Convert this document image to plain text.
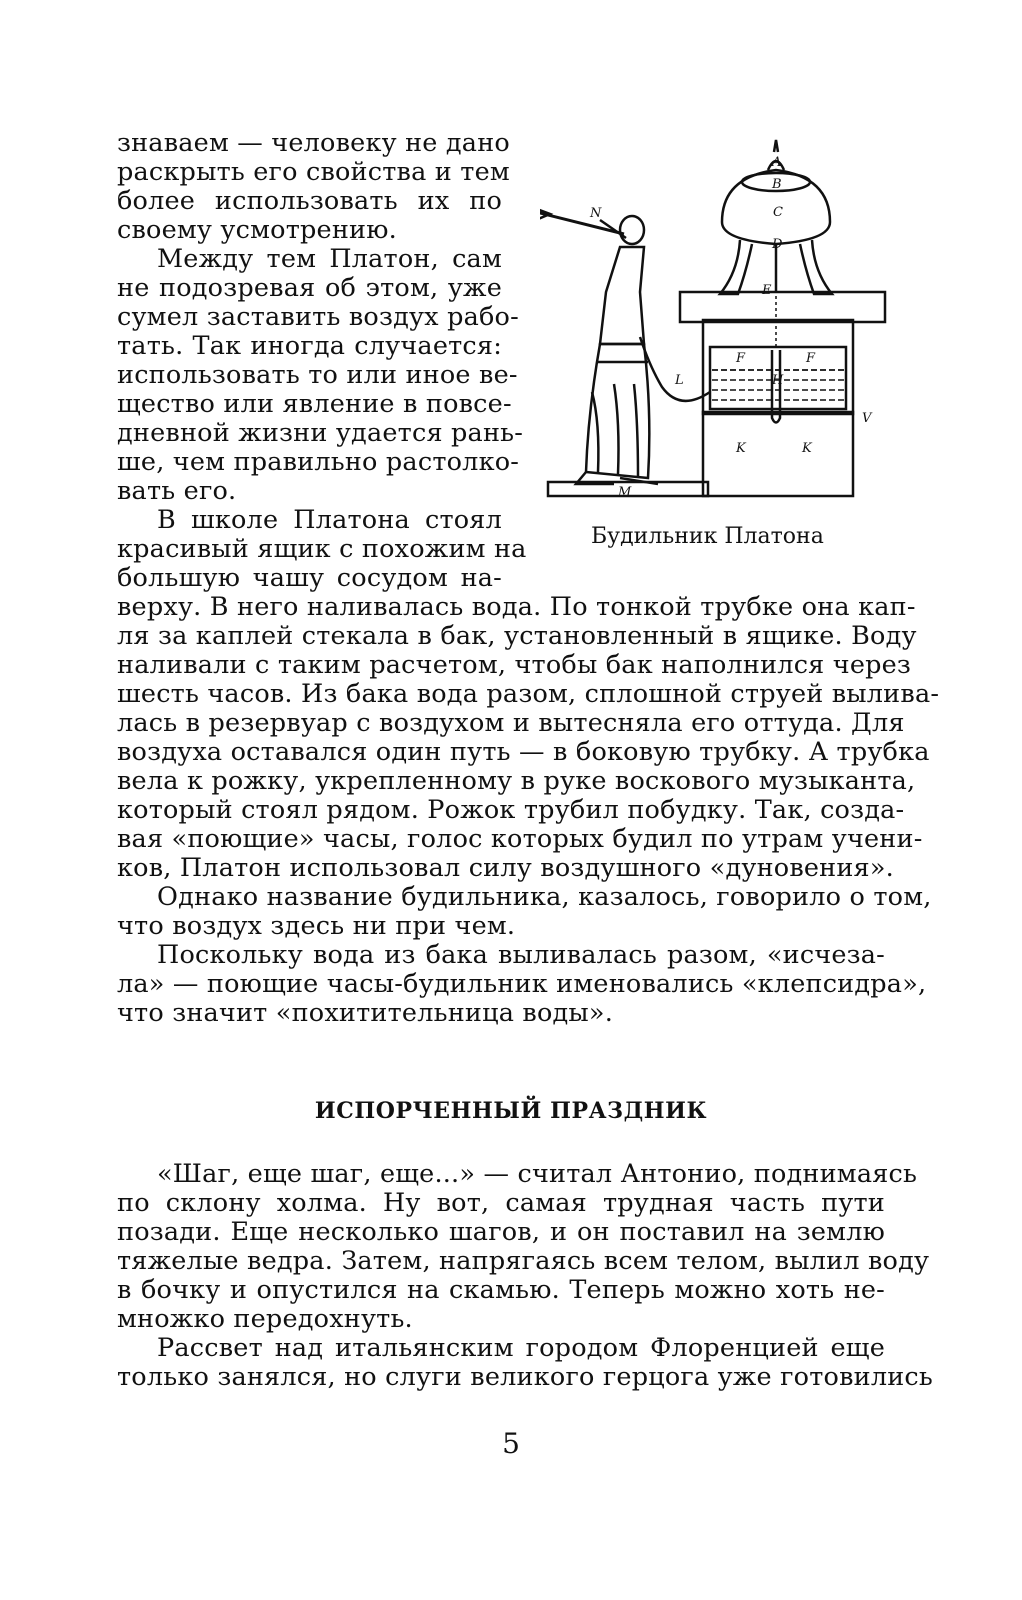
знаваем — человеку не дано
раскрыть его свойства и тем
более использовать их по
своему усмотрению.
Между тем Платон, сам
не подозревая об этом, уже
сумел заставить воздух рабо-
тать. Так иногда случается:
использовать то или иное ве-
щество или явление в повсе-
дневной жизни удается рань-
ше, чем правильно растолко-
вать его.
В школе Платона стоял
красивый ящик с похожим на
большую чашу сосудом на-
A
B
C
D
E
F	F
H
K	K
L
M
N
V
Будильник Платона
верху. В него наливалась вода. По тонкой трубке она кап-
ля за каплей стекала в бак, установленный в ящике. Воду
наливали с таким расчетом, чтобы бак наполнился через
шесть часов. Из бака вода разом, сплошной струей вылива-
лась в резервуар с воздухом и вытесняла его оттуда. Для
воздуха оставался один путь — в боковую трубку. А трубка
вела к рожку, укрепленному в руке воскового музыканта,
который стоял рядом. Рожок трубил побудку. Так, созда-
вая «поющие» часы, голос которых будил по утрам учени-
ков, Платон использовал силу воздушного «дуновения».
Однако название будильника, казалось, говорило о том,
что воздух здесь ни при чем.
Поскольку вода из бака выливалась разом, «исчеза-
ла» — поющие часы-будильник именовались «клепсидра»,
что значит «похитительница воды».
ИСПОРЧЕННЫЙ ПРАЗДНИК
«Шаг, еще шаг, еще...» — считал Антонио, поднимаясь
по склону холма. Ну вот, самая трудная часть пути
позади. Еще несколько шагов, и он поставил на землю
тяжелые ведра. Затем, напрягаясь всем телом, вылил воду
в бочку и опустился на скамью. Теперь можно хоть не-
множко передохнуть.
Рассвет над итальянским городом Флоренцией еще
только занялся, но слуги великого герцога уже готовились
5
